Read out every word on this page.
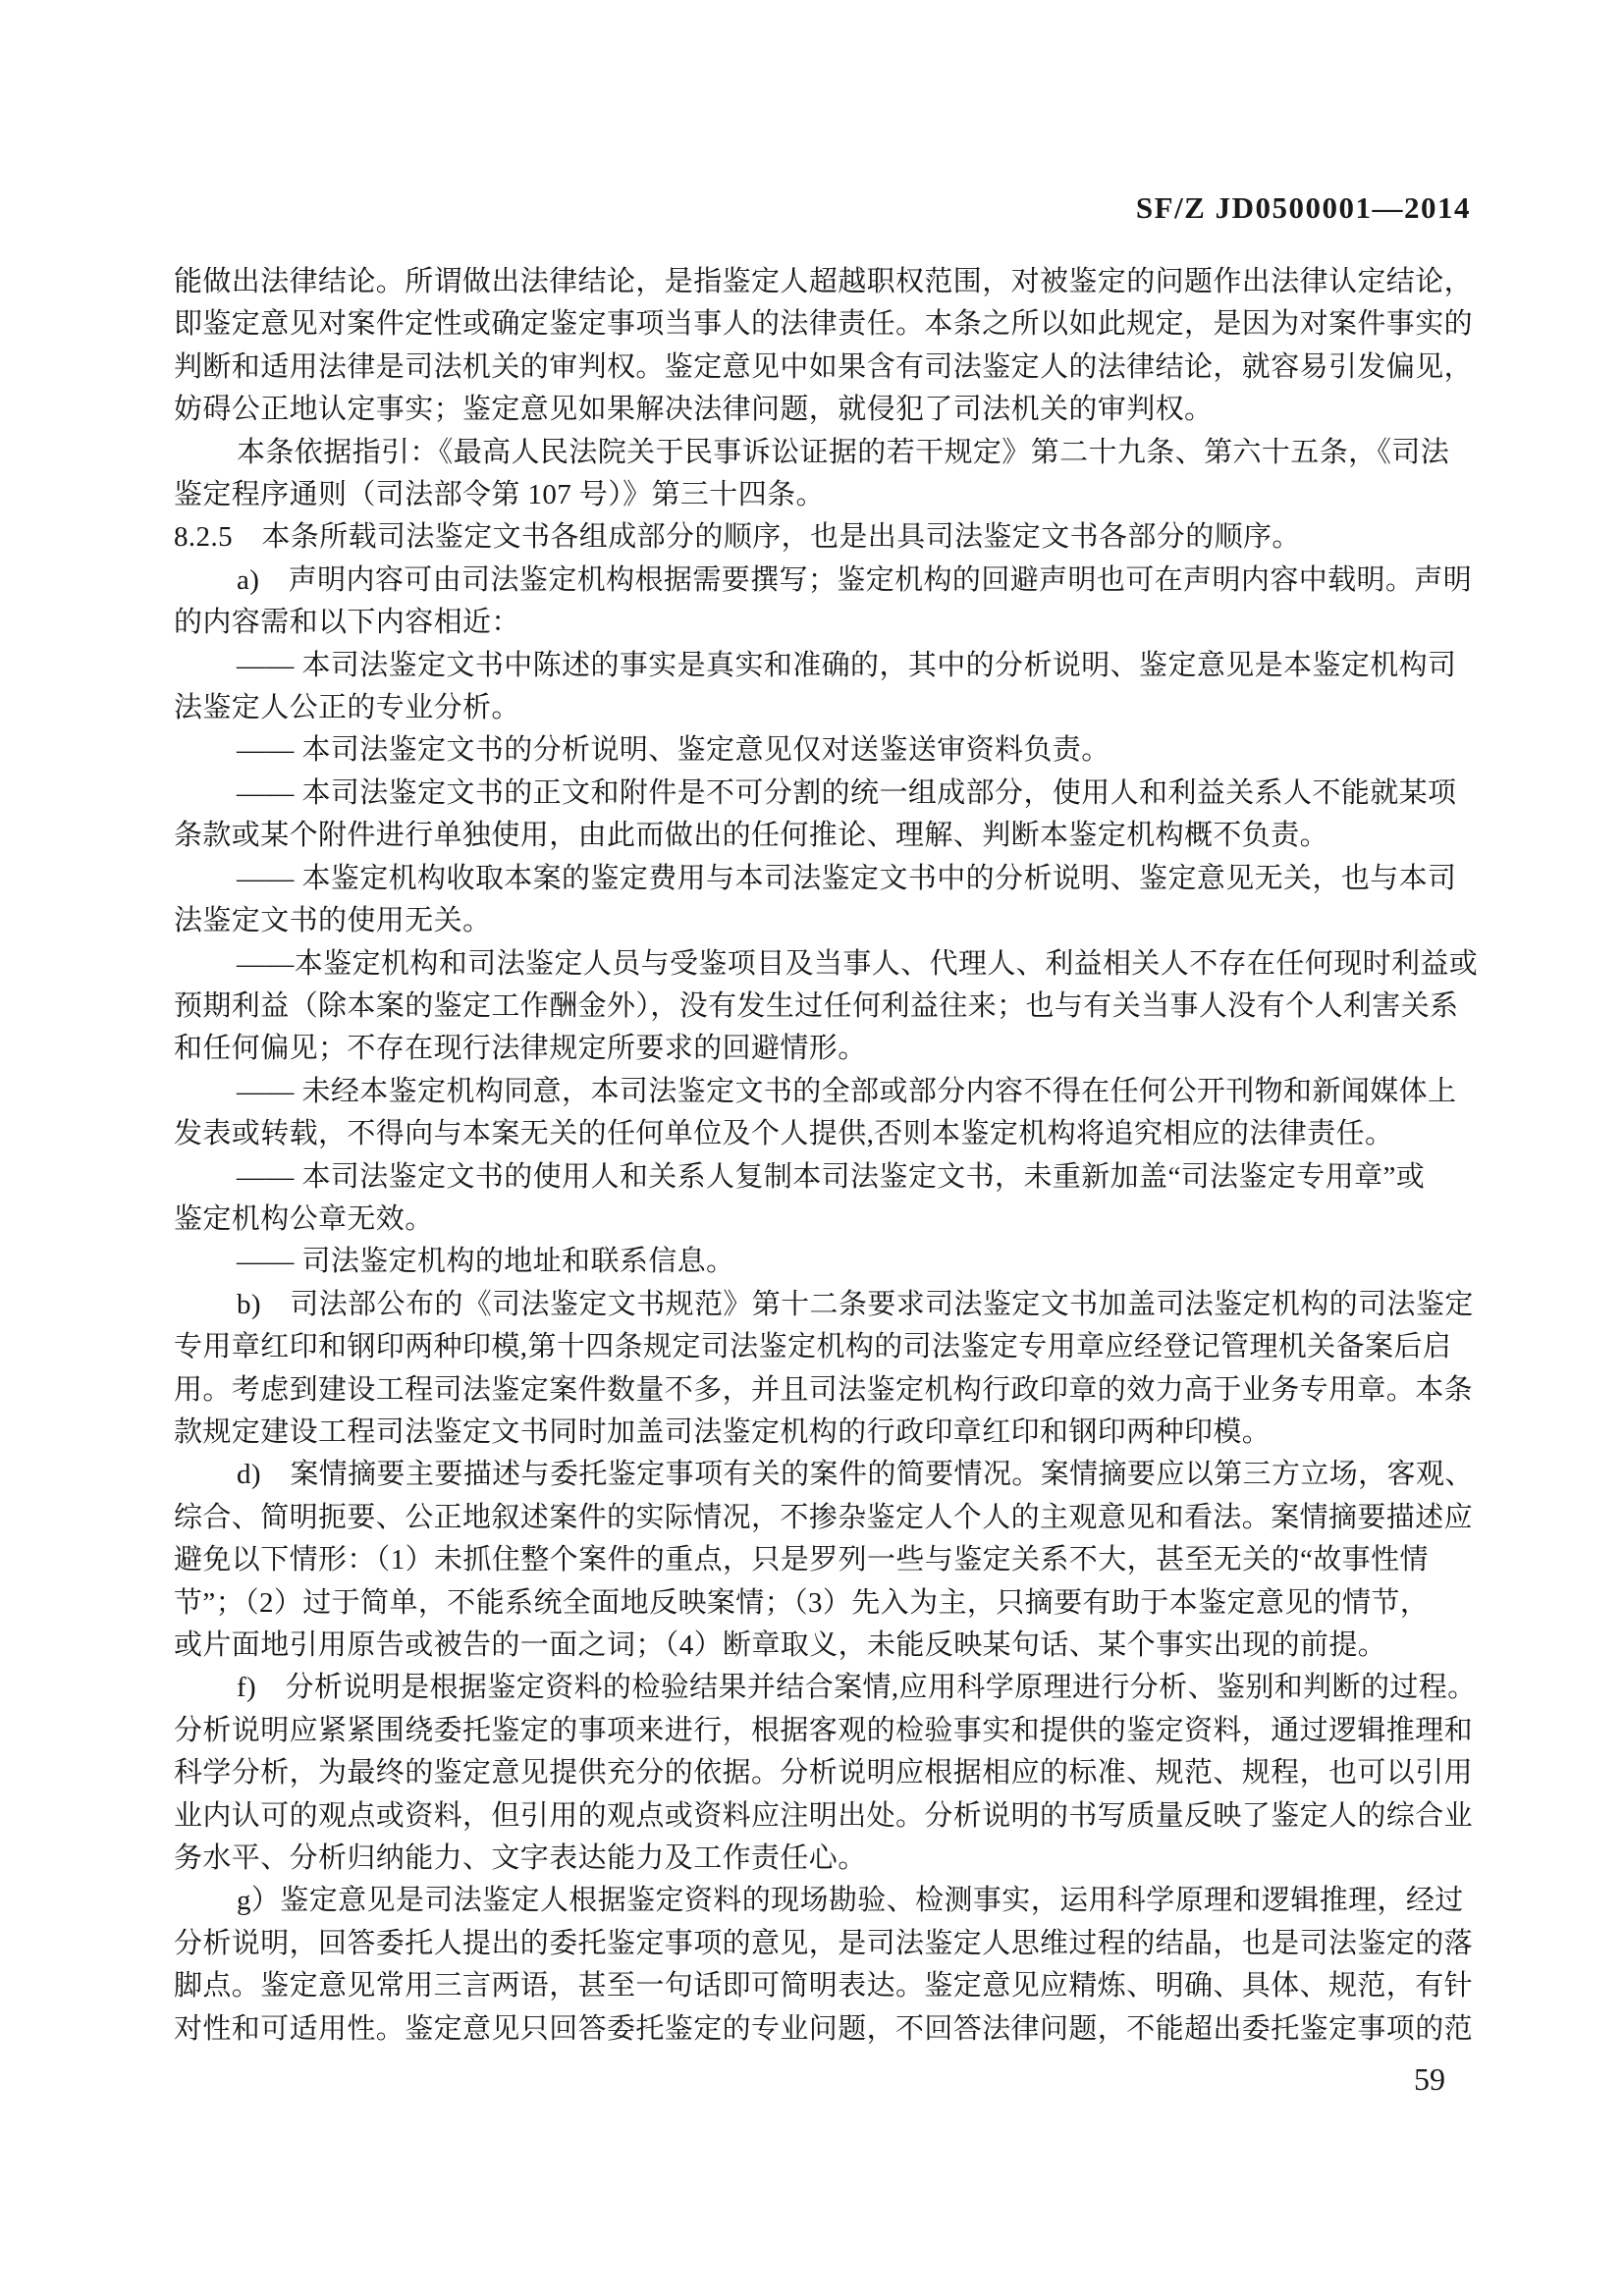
SF/Z JD0500001—2014
能做出法律结论。所谓做出法律结论，是指鉴定人超越职权范围，对被鉴定的问题作出法律认定结论，
即鉴定意见对案件定性或确定鉴定事项当事人的法律责任。本条之所以如此规定，是因为对案件事实的
判断和适用法律是司法机关的审判权。鉴定意见中如果含有司法鉴定人的法律结论，就容易引发偏见，
妨碍公正地认定事实；鉴定意见如果解决法律问题，就侵犯了司法机关的审判权。
本条依据指引：《最高人民法院关于民事诉讼证据的若干规定》第二十九条、第六十五条，《司法
鉴定程序通则（司法部令第 107 号）》第三十四条。
8.2.5　本条所载司法鉴定文书各组成部分的顺序，也是出具司法鉴定文书各部分的顺序。
a)　声明内容可由司法鉴定机构根据需要撰写；鉴定机构的回避声明也可在声明内容中载明。声明
的内容需和以下内容相近：
—— 本司法鉴定文书中陈述的事实是真实和准确的，其中的分析说明、鉴定意见是本鉴定机构司
法鉴定人公正的专业分析。
—— 本司法鉴定文书的分析说明、鉴定意见仅对送鉴送审资料负责。
—— 本司法鉴定文书的正文和附件是不可分割的统一组成部分，使用人和利益关系人不能就某项
条款或某个附件进行单独使用，由此而做出的任何推论、理解、判断本鉴定机构概不负责。
—— 本鉴定机构收取本案的鉴定费用与本司法鉴定文书中的分析说明、鉴定意见无关，也与本司
法鉴定文书的使用无关。
——本鉴定机构和司法鉴定人员与受鉴项目及当事人、代理人、利益相关人不存在任何现时利益或
预期利益（除本案的鉴定工作酬金外），没有发生过任何利益往来；也与有关当事人没有个人利害关系
和任何偏见；不存在现行法律规定所要求的回避情形。
—— 未经本鉴定机构同意，本司法鉴定文书的全部或部分内容不得在任何公开刊物和新闻媒体上
发表或转载，不得向与本案无关的任何单位及个人提供,否则本鉴定机构将追究相应的法律责任。
—— 本司法鉴定文书的使用人和关系人复制本司法鉴定文书，未重新加盖“司法鉴定专用章”或
鉴定机构公章无效。
—— 司法鉴定机构的地址和联系信息。
b)　司法部公布的《司法鉴定文书规范》第十二条要求司法鉴定文书加盖司法鉴定机构的司法鉴定
专用章红印和钢印两种印模,第十四条规定司法鉴定机构的司法鉴定专用章应经登记管理机关备案后启
用。考虑到建设工程司法鉴定案件数量不多，并且司法鉴定机构行政印章的效力高于业务专用章。本条
款规定建设工程司法鉴定文书同时加盖司法鉴定机构的行政印章红印和钢印两种印模。
d)　案情摘要主要描述与委托鉴定事项有关的案件的简要情况。案情摘要应以第三方立场，客观、
综合、简明扼要、公正地叙述案件的实际情况，不掺杂鉴定人个人的主观意见和看法。案情摘要描述应
避免以下情形：（1）未抓住整个案件的重点，只是罗列一些与鉴定关系不大，甚至无关的“故事性情
节”；（2）过于简单，不能系统全面地反映案情；（3）先入为主，只摘要有助于本鉴定意见的情节，
或片面地引用原告或被告的一面之词；（4）断章取义，未能反映某句话、某个事实出现的前提。
f)　分析说明是根据鉴定资料的检验结果并结合案情,应用科学原理进行分析、鉴别和判断的过程。
分析说明应紧紧围绕委托鉴定的事项来进行，根据客观的检验事实和提供的鉴定资料，通过逻辑推理和
科学分析，为最终的鉴定意见提供充分的依据。分析说明应根据相应的标准、规范、规程，也可以引用
业内认可的观点或资料，但引用的观点或资料应注明出处。分析说明的书写质量反映了鉴定人的综合业
务水平、分析归纳能力、文字表达能力及工作责任心。
g）鉴定意见是司法鉴定人根据鉴定资料的现场勘验、检测事实，运用科学原理和逻辑推理，经过
分析说明，回答委托人提出的委托鉴定事项的意见，是司法鉴定人思维过程的结晶，也是司法鉴定的落
脚点。鉴定意见常用三言两语，甚至一句话即可简明表达。鉴定意见应精炼、明确、具体、规范，有针
对性和可适用性。鉴定意见只回答委托鉴定的专业问题，不回答法律问题，不能超出委托鉴定事项的范
59
